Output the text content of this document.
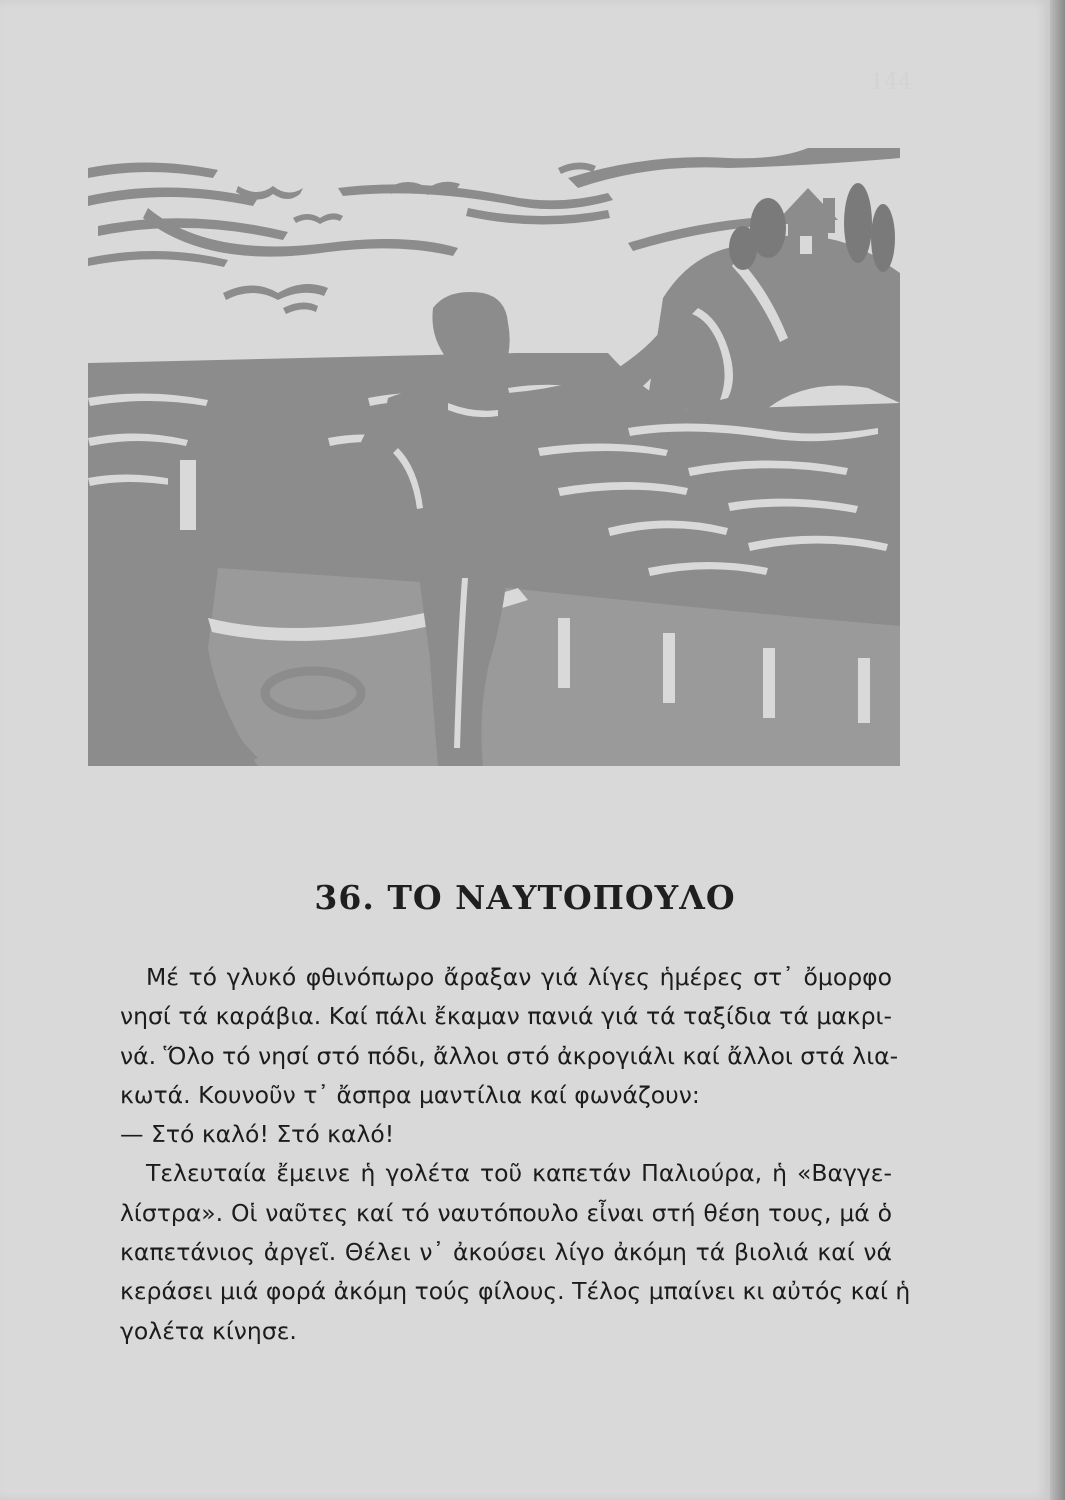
144
36. ΤΟ ΝΑΥΤΟΠΟΥΛΟ
Μέ τό γλυκό φθινόπωρο ἄραξαν γιά λίγες ἡμέρες στ᾽ ὄμορφο
νησί τά καράβια. Καί πάλι ἔκαμαν πανιά γιά τά ταξίδια τά μακρι-
νά. Ὅλο τό νησί στό πόδι, ἄλλοι στό ἀκρογιάλι καί ἄλλοι στά λια-
κωτά. Κουνοῦν τ᾽ ἄσπρα μαντίλια καί φωνάζουν:
— Στό καλό! Στό καλό!
Τελευταία ἔμεινε ἡ γολέτα τοῦ καπετάν Παλιούρα, ἡ «Βαγγε-
λίστρα». Οἱ ναῦτες καί τό ναυτόπουλο εἶναι στή θέση τους, μά ὁ
καπετάνιος ἀργεῖ. Θέλει ν᾽ ἀκούσει λίγο ἀκόμη τά βιολιά καί νά
κεράσει μιά φορά ἀκόμη τούς φίλους. Τέλος μπαίνει κι αὐτός καί ἡ
γολέτα κίνησε.
